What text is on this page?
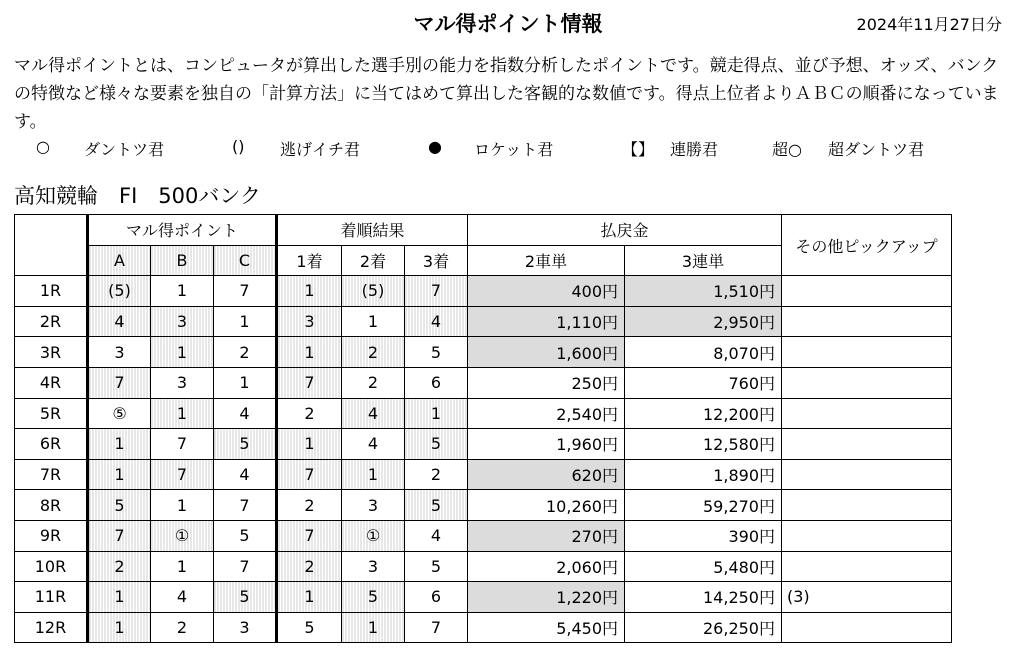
マル得ポイント情報	2024年11月27日分

マル得ポイントとは、コンピュータが算出した選手別の能力を指数分析したポイントです。競走得点、並び予想、オッズ、バンクの特徴など様々な要素を独自の「計算方法」に当てはめて算出した客観的な数値です。得点上位者よりＡＢＣの順番になっています。

○ ダントツ君	() 逃げイチ君	● ロケット君	【】 連勝君	超○ 超ダントツ君
高知競輪　FI　500バンク
	マル得ポイント			着順結果			払戻金		その他ピックアップ
	A	B	C	1着	2着	3着	2車単	3連単	
1R	(5)	1	7	1	(5)	7	400円	1,510円	
2R	4	3	1	3	1	4	1,110円	2,950円	
3R	3	1	2	1	2	5	1,600円	8,070円	
4R	7	3	1	7	2	6	250円	760円	
5R	⑤	1	4	2	4	1	2,540円	12,200円	
6R	1	7	5	1	4	5	1,960円	12,580円	
7R	1	7	4	7	1	2	620円	1,890円	
8R	5	1	7	2	3	5	10,260円	59,270円	
9R	7	①	5	7	①	4	270円	390円	
10R	2	1	7	2	3	5	2,060円	5,480円	
11R	1	4	5	1	5	6	1,220円	14,250円	(3)
12R	1	2	3	5	1	7	5,450円	26,250円	
